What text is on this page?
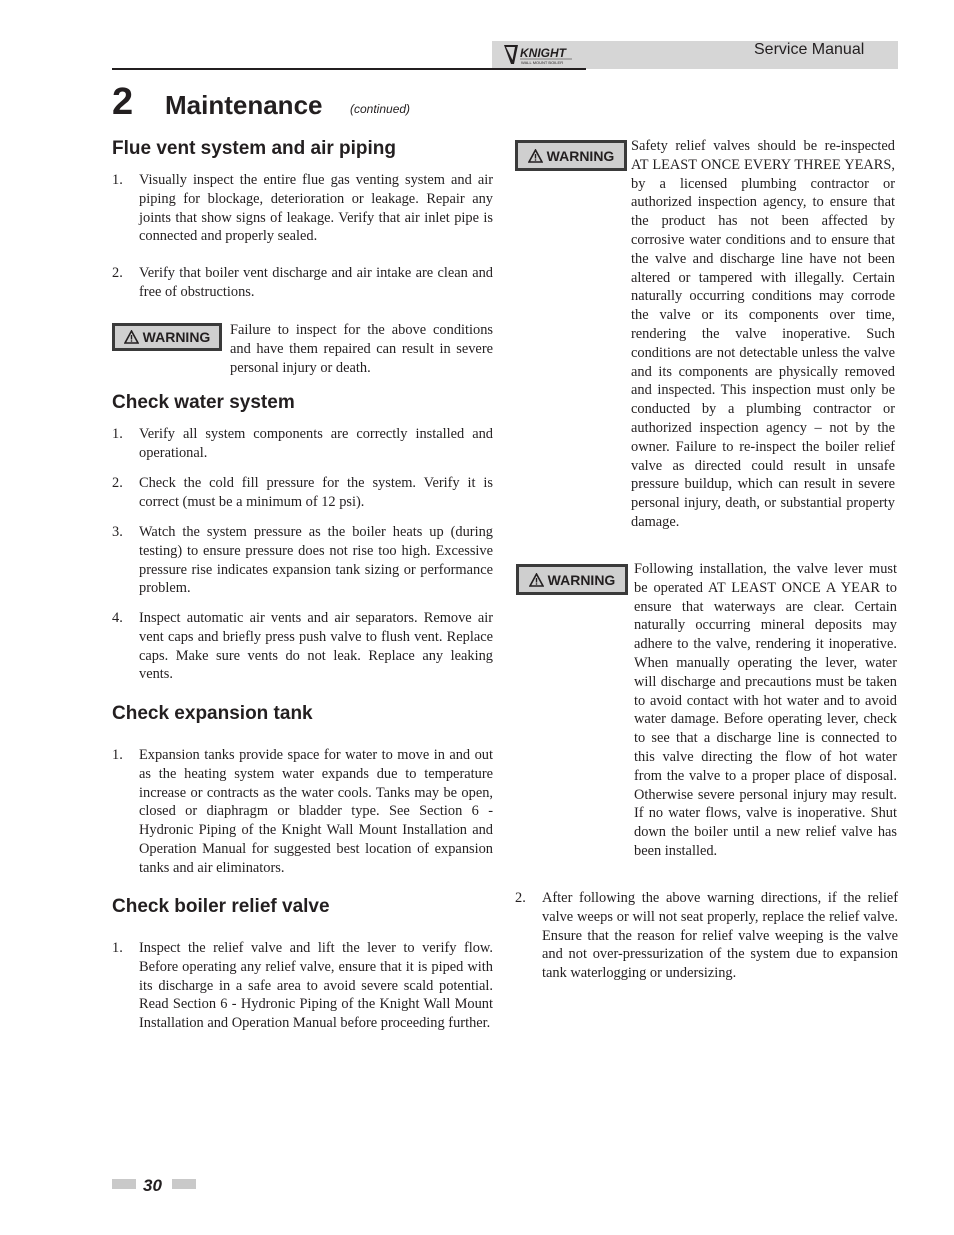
KNIGHT
WALL MOUNT BOILER
Service Manual
2 Maintenance (continued)
Flue vent system and air piping
1. Visually inspect the entire flue gas venting system and air piping for blockage, deterioration or leakage. Repair any joints that show signs of leakage. Verify that air inlet pipe is connected and properly sealed.
2. Verify that boiler vent discharge and air intake are clean and free of obstructions.
WARNING Failure to inspect for the above conditions and have them repaired can result in severe personal injury or death.
Check water system
1. Verify all system components are correctly installed and operational.
2. Check the cold fill pressure for the system. Verify it is correct (must be a minimum of 12 psi).
3. Watch the system pressure as the boiler heats up (during testing) to ensure pressure does not rise too high. Excessive pressure rise indicates expansion tank sizing or performance problem.
4. Inspect automatic air vents and air separators. Remove air vent caps and briefly press push valve to flush vent. Replace caps. Make sure vents do not leak. Replace any leaking vents.
Check expansion tank
1. Expansion tanks provide space for water to move in and out as the heating system water expands due to temperature increase or contracts as the water cools. Tanks may be open, closed or diaphragm or bladder type. See Section 6 - Hydronic Piping of the Knight Wall Mount Installation and Operation Manual for suggested best location of expansion tanks and air eliminators.
Check boiler relief valve
1. Inspect the relief valve and lift the lever to verify flow. Before operating any relief valve, ensure that it is piped with its discharge in a safe area to avoid severe scald potential. Read Section 6 - Hydronic Piping of the Knight Wall Mount Installation and Operation Manual before proceeding further.
WARNING
Safety relief valves should be re-inspected AT LEAST ONCE EVERY THREE YEARS, by a licensed plumbing contractor or authorized inspection agency, to ensure that the product has not been affected by corrosive water conditions and to ensure that the valve and discharge line have not been altered or tampered with illegally. Certain naturally occurring conditions may corrode the valve or its components over time, rendering the valve inoperative. Such conditions are not detectable unless the valve and its components are physically removed and inspected. This inspection must only be conducted by a plumbing contractor or authorized inspection agency – not by the owner. Failure to re-inspect the boiler relief valve as directed could result in unsafe pressure buildup, which can result in severe personal injury, death, or substantial property damage.
WARNING
Following installation, the valve lever must be operated AT LEAST ONCE A YEAR to ensure that waterways are clear. Certain naturally occurring mineral deposits may adhere to the valve, rendering it inoperative. When manually operating the lever, water will discharge and precautions must be taken to avoid contact with hot water and to avoid water damage. Before operating lever, check to see that a discharge line is connected to this valve directing the flow of hot water from the valve to a proper place of disposal. Otherwise severe personal injury may result. If no water flows, valve is inoperative. Shut down the boiler until a new relief valve has been installed.
2. After following the above warning directions, if the relief valve weeps or will not seat properly, replace the relief valve. Ensure that the reason for relief valve weeping is the valve and not over-pressurization of the system due to expansion tank waterlogging or undersizing.
30
